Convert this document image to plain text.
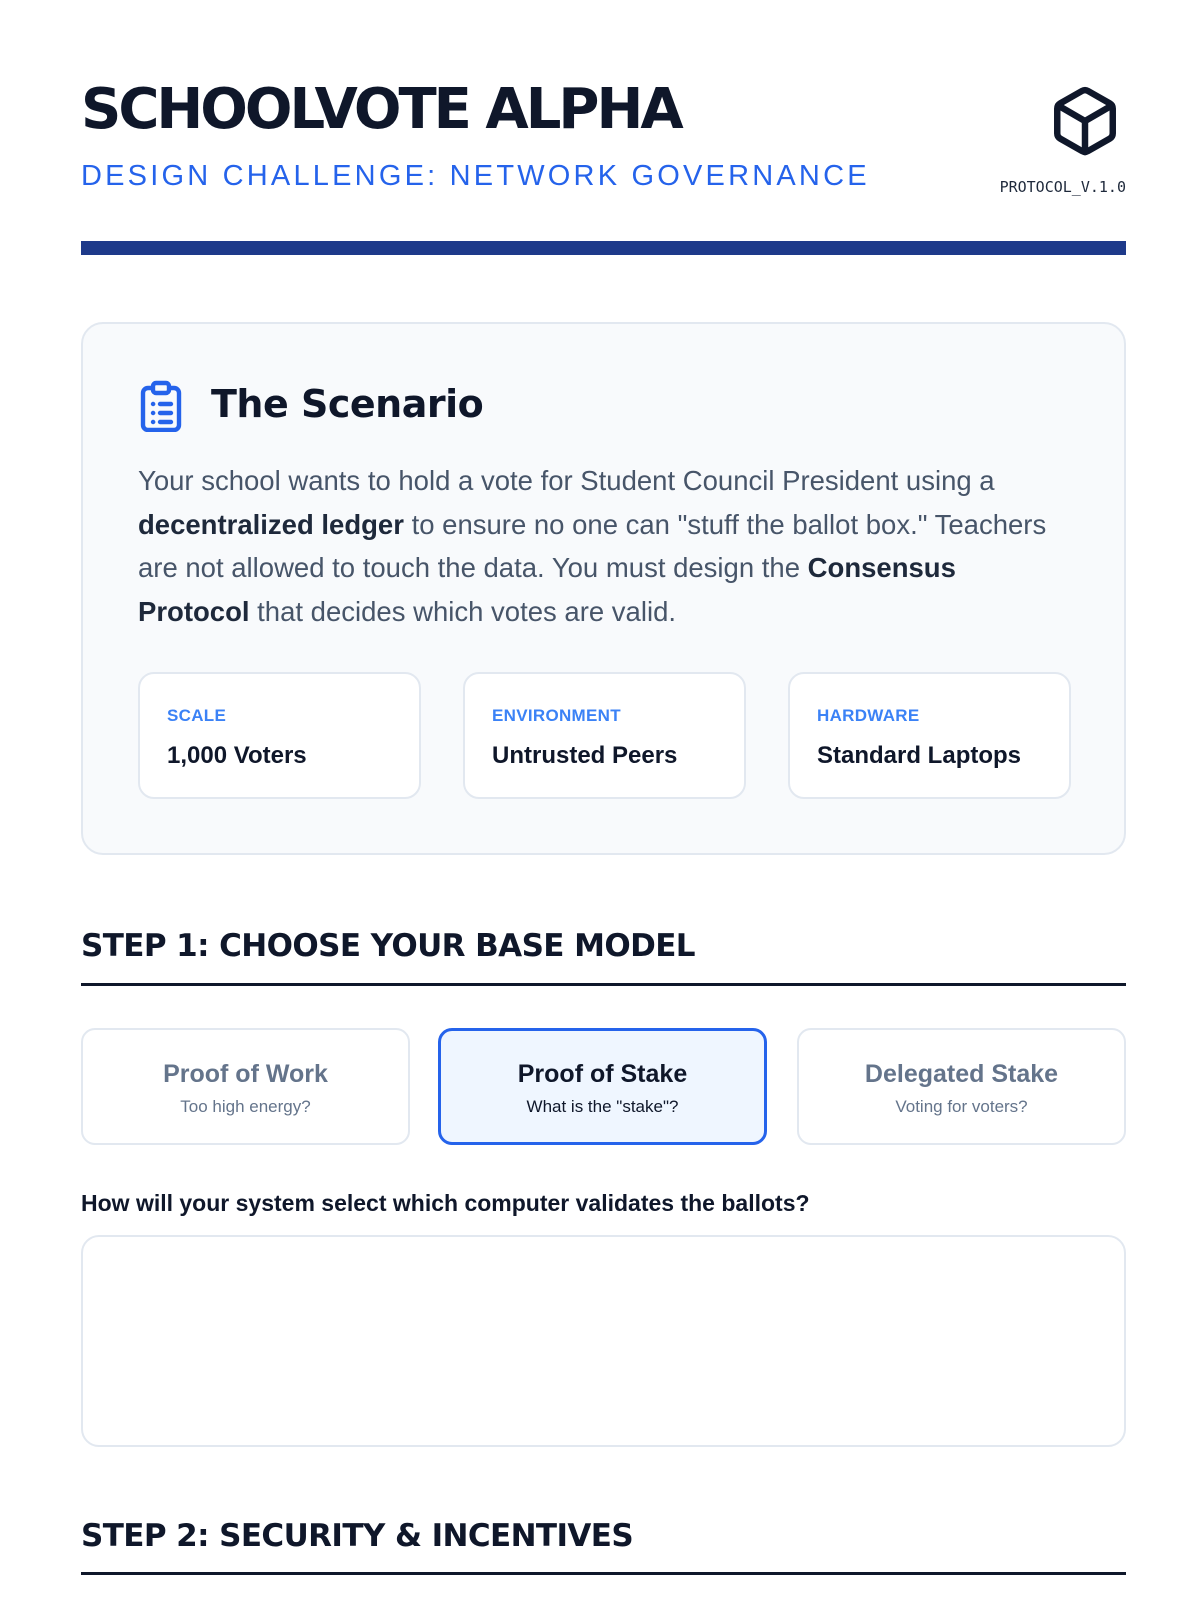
SCHOOLVOTE ALPHA
DESIGN CHALLENGE: NETWORK GOVERNANCE	PROTOCOL_V.1.0
The Scenario

Your school wants to hold a vote for Student Council President using a decentralized ledger to ensure no one can "stuff the ballot box." Teachers are not allowed to touch the data. You must design the Consensus Protocol that decides which votes are valid.

SCALE
1,000 Voters
ENVIRONMENT
Untrusted Peers
HARDWARE
Standard Laptops
STEP 1: CHOOSE YOUR BASE MODEL
Proof of Work
Too high energy?
Proof of Stake
What is the "stake"?
Delegated Stake
Voting for voters?
How will your system select which computer validates the ballots?
STEP 2: SECURITY & INCENTIVES
